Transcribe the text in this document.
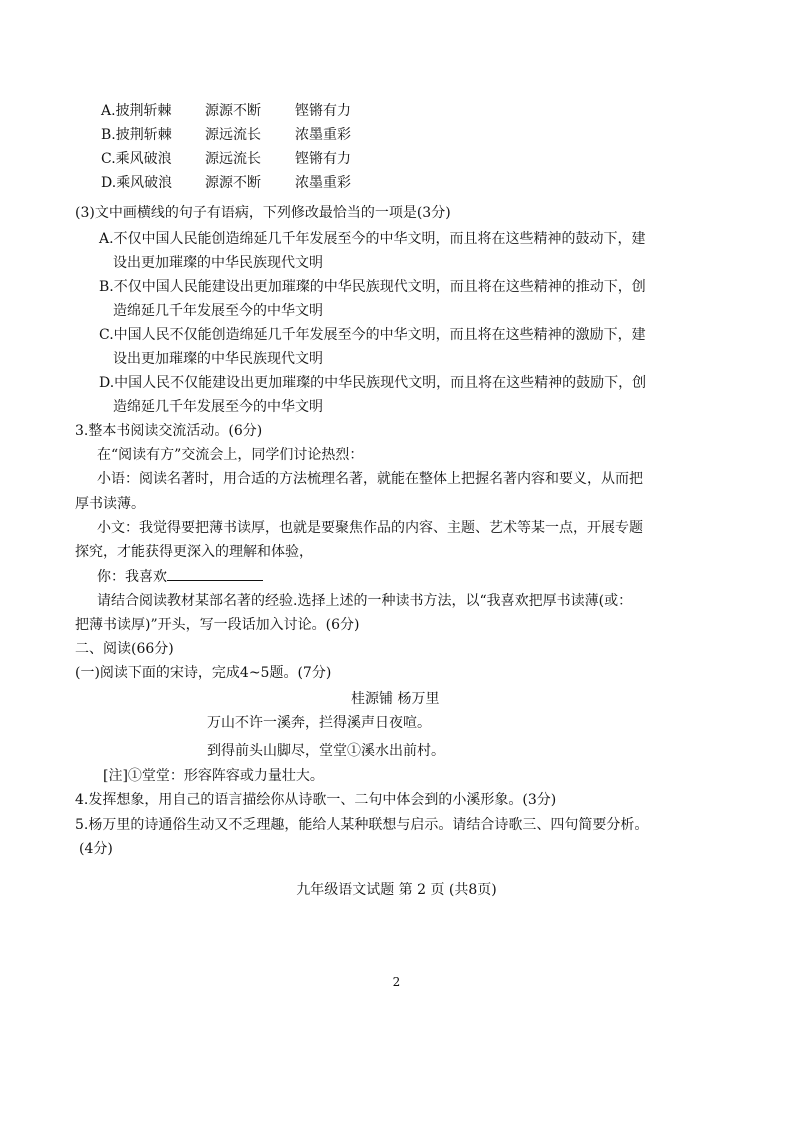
A.披荆斩棘 源源不断 铿锵有力
B.披荆斩棘 源远流长 浓墨重彩
C.乘风破浪 源远流长 铿锵有力
D.乘风破浪 源源不断 浓墨重彩
(3)文中画横线的句子有语病，下列修改最恰当的一项是(3分)
A.不仅中国人民能创造绵延几千年发展至今的中华文明，而且将在这些精神的鼓动下，建
设出更加璀璨的中华民族现代文明
B.不仅中国人民能建设出更加璀璨的中华民族现代文明，而且将在这些精神的推动下，创
造绵延几千年发展至今的中华文明
C.中国人民不仅能创造绵延几千年发展至今的中华文明，而且将在这些精神的激励下，建
设出更加璀璨的中华民族现代文明
D.中国人民不仅能建设出更加璀璨的中华民族现代文明，而且将在这些精神的鼓励下，创
造绵延几千年发展至今的中华文明
3.整本书阅读交流活动。(6分)
在“阅读有方”交流会上，同学们讨论热烈：
小语：阅读名著时，用合适的方法梳理名著，就能在整体上把握名著内容和要义，从而把
厚书读薄。
小文：我觉得要把薄书读厚，也就是要聚焦作品的内容、主题、艺术等某一点，开展专题
探究，才能获得更深入的理解和体验，
你：我喜欢
请结合阅读教材某部名著的经验.选择上述的一种读书方法，以“我喜欢把厚书读薄(或：
把薄书读厚)”开头，写一段话加入讨论。(6分)
二、阅读(66分)
(一)阅读下面的宋诗，完成4~5题。(7分)
桂源铺 杨万里
万山不许一溪奔，拦得溪声日夜喧。
到得前头山脚尽，堂堂①溪水出前村。
[注]①堂堂：形容阵容或力量壮大。
4.发挥想象，用自己的语言描绘你从诗歌一、二句中体会到的小溪形象。(3分)
5.杨万里的诗通俗生动又不乏理趣，能给人某种联想与启示。请结合诗歌三、四句简要分析。
(4分)
九年级语文试题 第 2 页 (共8页)
2
